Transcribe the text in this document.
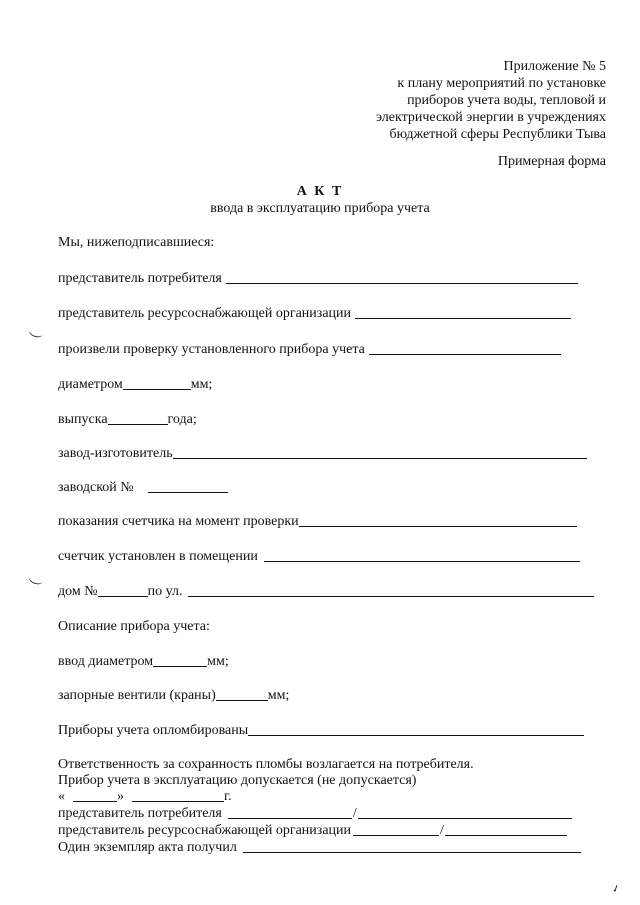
Приложение № 5
к плану мероприятий по установке
приборов учета воды, тепловой и
электрической энергии в учреждениях
бюджетной сферы Республики Тыва
Примерная форма
А К Т
ввода в эксплуатацию прибора учета
Мы, нижеподписавшиеся:
представитель потребителя
представитель ресурсоснабжающей организации
произвели проверку установленного прибора учета
диаметром	мм;
выпуска	года;
завод-изготовитель
заводской №
показания счетчика на момент проверки
счетчик установлен в помещении
дом №	по ул.
Описание прибора учета:
ввод диаметром	мм;
запорные вентили (краны)	мм;
Приборы учета опломбированы
Ответственность за сохранность пломбы возлагается на потребителя.
Прибор учета в эксплуатацию допускается (не допускается)
«	»	г.
представитель потребителя	/
представитель ресурсоснабжающей организации	/
Один экземпляр акта получил
✓
